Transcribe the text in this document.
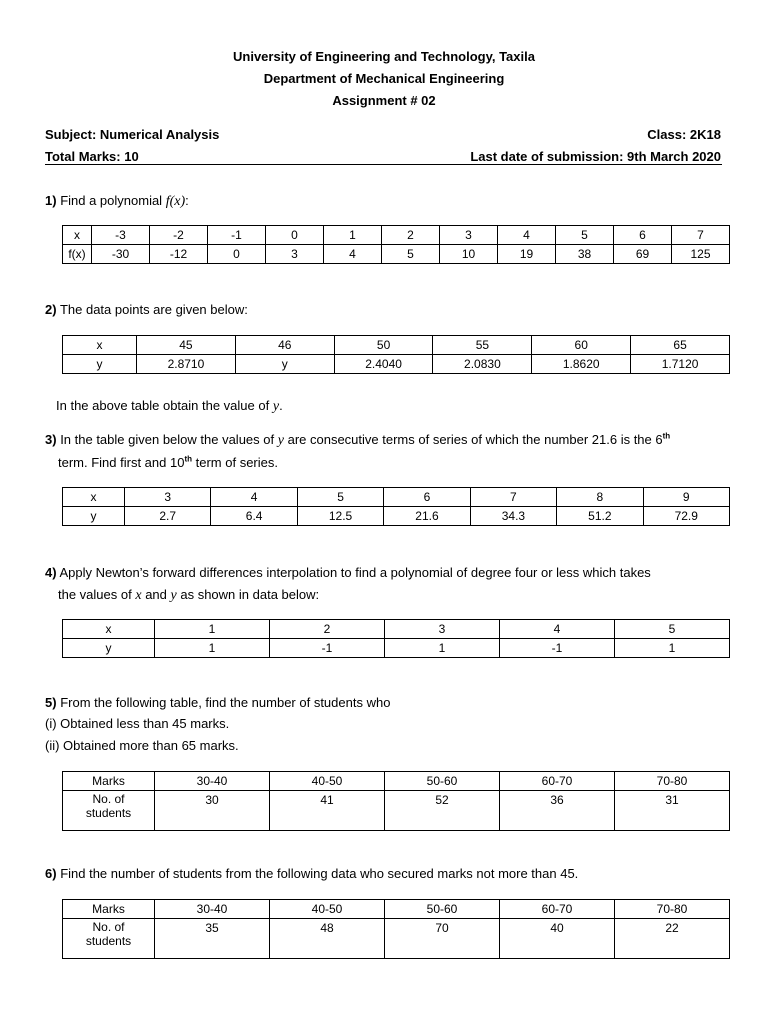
University of Engineering and Technology, Taxila
Department of Mechanical Engineering
Assignment # 02
Subject: Numerical Analysis	Class: 2K18
Total Marks: 10	Last date of submission: 9th March 2020
1) Find a polynomial f(x):
x	-3	-2	-1	0	1	2	3	4	5	6	7
f(x)	-30	-12	0	3	4	5	10	19	38	69	125
2) The data points are given below:
x	45	46	50	55	60	65
y	2.8710	y	2.4040	2.0830	1.8620	1.7120
In the above table obtain the value of y.
3) In the table given below the values of y are consecutive terms of series of which the number 21.6 is the 6th
term. Find first and 10th term of series.
x	3	4	5	6	7	8	9
y	2.7	6.4	12.5	21.6	34.3	51.2	72.9
4) Apply Newton’s forward differences interpolation to find a polynomial of degree four or less which takes
the values of x and y as shown in data below:
x	1	2	3	4	5
y	1	-1	1	-1	1
5) From the following table, find the number of students who
(i) Obtained less than 45 marks.
(ii) Obtained more than 65 marks.
Marks	30-40	40-50	50-60	60-70	70-80
No. of students	30	41	52	36	31
6) Find the number of students from the following data who secured marks not more than 45.
Marks	30-40	40-50	50-60	60-70	70-80
No. of students	35	48	70	40	22
